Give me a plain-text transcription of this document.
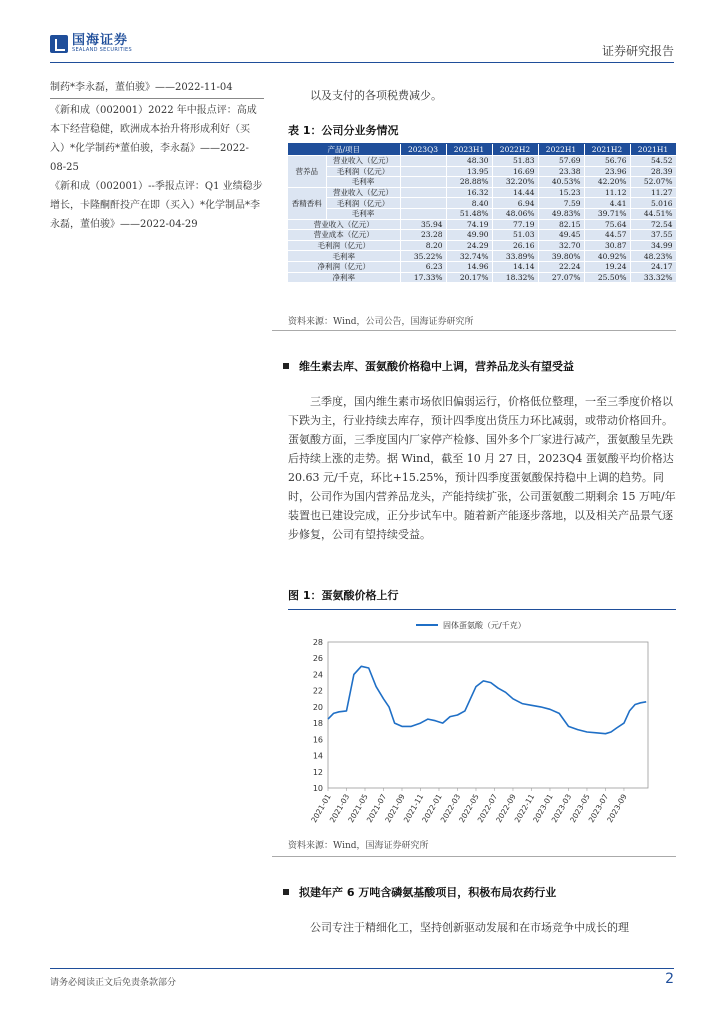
国海证券
SEALAND SECURITIES	证券研究报告
制药*李永磊，董伯骏》——2022-11-04
《新和成（002001）2022 年中报点评：高成本下经营稳健，欧洲成本抬升将形成利好（买入）*化学制药*董伯骏，李永磊》——2022-08-25
《新和成（002001）--季报点评：Q1 业绩稳步增长，卡隆酮酐投产在即（买入）*化学制品*李永磊，董伯骏》——2022-04-29
以及支付的各项税费减少。
表 1：公司分业务情况
产品/项目		2023Q3	2023H1	2022H2	2022H1	2021H2	2021H1
营养品	营业收入（亿元）		48.30	51.83	57.69	56.76	54.52
	毛利润（亿元）		13.95	16.69	23.38	23.96	28.39
	毛利率		28.88%	32.20%	40.53%	42.20%	52.07%
香精香料	营业收入（亿元）		16.32	14.44	15.23	11.12	11.27
	毛利润（亿元）		8.40	6.94	7.59	4.41	5.016
	毛利率		51.48%	48.06%	49.83%	39.71%	44.51%
营业收入（亿元）		35.94	74.19	77.19	82.15	75.64	72.54
营业成本（亿元）		23.28	49.90	51.03	49.45	44.57	37.55
毛利润（亿元）		8.20	24.29	26.16	32.70	30.87	34.99
毛利率		35.22%	32.74%	33.89%	39.80%	40.92%	48.23%
净利润（亿元）		6.23	14.96	14.14	22.24	19.24	24.17
净利率		17.33%	20.17%	18.32%	27.07%	25.50%	33.32%
资料来源：Wind，公司公告，国海证券研究所
维生素去库、蛋氨酸价格稳中上调，营养品龙头有望受益
三季度，国内维生素市场依旧偏弱运行，价格低位整理，一至三季度价格以下跌为主，行业持续去库存，预计四季度出货压力环比减弱，或带动价格回升。蛋氨酸方面，三季度国内厂家停产检修、国外多个厂家进行减产，蛋氨酸呈先跌后持续上涨的走势。据 Wind，截至 10 月 27 日，2023Q4 蛋氨酸平均价格达 20.63 元/千克，环比+15.25%，预计四季度蛋氨酸保持稳中上调的趋势。同时，公司作为国内营养品龙头，产能持续扩张，公司蛋氨酸二期剩余 15 万吨/年装置也已建设完成，正分步试车中。随着新产能逐步落地，以及相关产品景气逐步修复，公司有望持续受益。
图 1：蛋氨酸价格上行
固体蛋氨酸（元/千克）
10
12
14
16
18
20
22
24
26
28
2021-01
2021-03
2021-05
2021-07
2021-09
2021-11
2022-01
2022-03
2022-05
2022-07
2022-09
2022-11
2023-01
2023-03
2023-05
2023-07
2023-09
资料来源：Wind，国海证券研究所
拟建年产 6 万吨含磷氨基酸项目，积极布局农药行业
公司专注于精细化工，坚持创新驱动发展和在市场竞争中成长的理
请务必阅读正文后免责条款部分	2
